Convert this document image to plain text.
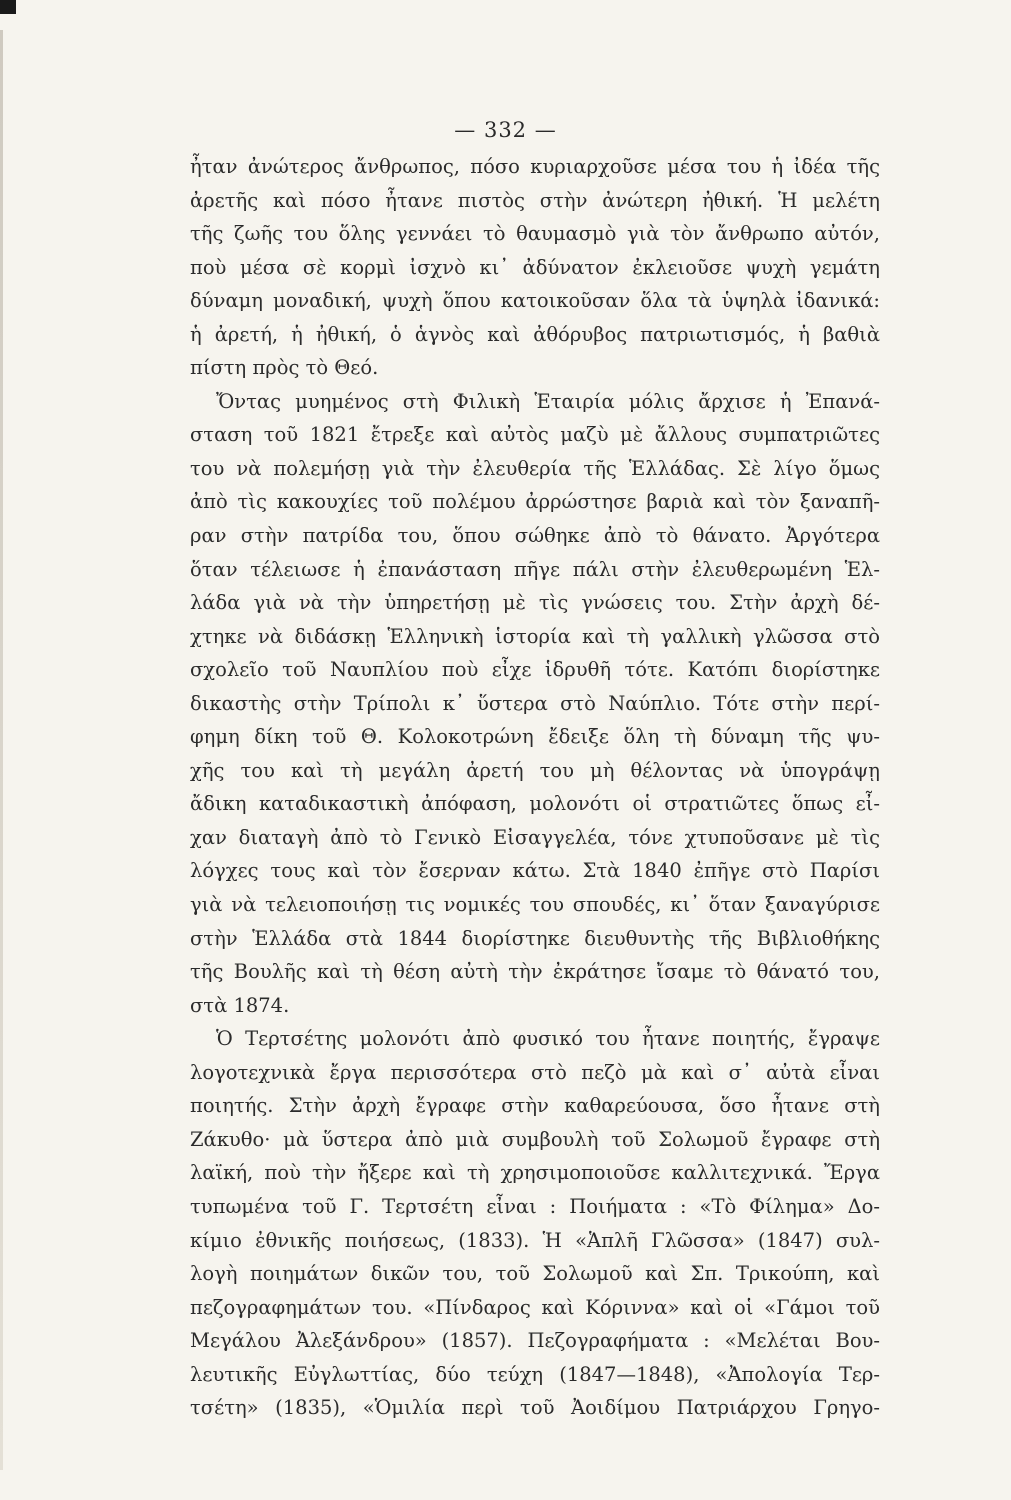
— 332 —
ἦταν ἀνώτερος ἄνθρωπος, πόσο κυριαρχοῦσε μέσα του ἡ ἰδέα τῆς
ἀρετῆς καὶ πόσο ἦτανε πιστὸς στὴν ἀνώτερη ἠθική. Ἡ μελέτη
τῆς ζωῆς του ὅλης γεννάει τὸ θαυμασμὸ γιὰ τὸν ἄνθρωπο αὐτόν,
ποὺ μέσα σὲ κορμὶ ἰσχνὸ κι᾽ ἀδύνατον ἐκλειοῦσε ψυχὴ γεμάτη
δύναμη μοναδική, ψυχὴ ὅπου κατοικοῦσαν ὅλα τὰ ὑψηλὰ ἰδανικά:
ἡ ἀρετή, ἡ ἠθική, ὁ ἁγνὸς καὶ ἀθόρυβος πατριωτισμός, ἡ βαθιὰ
πίστη πρὸς τὸ Θεό.
Ὄντας μυημένος στὴ Φιλικὴ Ἑταιρία μόλις ἄρχισε ἡ Ἐπανά-
σταση τοῦ 1821 ἔτρεξε καὶ αὐτὸς μαζὺ μὲ ἄλλους συμπατριῶτες
του νὰ πολεμήσῃ γιὰ τὴν ἐλευθερία τῆς Ἑλλάδας. Σὲ λίγο ὅμως
ἀπὸ τὶς κακουχίες τοῦ πολέμου ἀρρώστησε βαριὰ καὶ τὸν ξαναπῆ-
ραν στὴν πατρίδα του, ὅπου σώθηκε ἀπὸ τὸ θάνατο. Ἀργότερα
ὅταν τέλειωσε ἡ ἐπανάσταση πῆγε πάλι στὴν ἐλευθερωμένη Ἑλ-
λάδα γιὰ νὰ τὴν ὑπηρετήσῃ μὲ τὶς γνώσεις του. Στὴν ἀρχὴ δέ-
χτηκε νὰ διδάσκῃ Ἑλληνικὴ ἱστορία καὶ τὴ γαλλικὴ γλῶσσα στὸ
σχολεῖο τοῦ Ναυπλίου ποὺ εἶχε ἱδρυθῆ τότε. Κατόπι διορίστηκε
δικαστὴς στὴν Τρίπολι κ᾽ ὕστερα στὸ Ναύπλιο. Τότε στὴν περί-
φημη δίκη τοῦ Θ. Κολοκοτρώνη ἔδειξε ὅλη τὴ δύναμη τῆς ψυ-
χῆς του καὶ τὴ μεγάλη ἀρετή του μὴ θέλοντας νὰ ὑπογράψῃ
ἄδικη καταδικαστικὴ ἀπόφαση, μολονότι οἱ στρατιῶτες ὅπως εἶ-
χαν διαταγὴ ἀπὸ τὸ Γενικὸ Εἰσαγγελέα, τόνε χτυποῦσανε μὲ τὶς
λόγχες τους καὶ τὸν ἔσερναν κάτω. Στὰ 1840 ἐπῆγε στὸ Παρίσι
γιὰ νὰ τελειοποιήσῃ τις νομικές του σπουδές, κι᾽ ὅταν ξαναγύρισε
στὴν Ἑλλάδα στὰ 1844 διορίστηκε διευθυντὴς τῆς Βιβλιοθήκης
τῆς Βουλῆς καὶ τὴ θέση αὐτὴ τὴν ἐκράτησε ἴσαμε τὸ θάνατό του,
στὰ 1874.
Ὁ Τερτσέτης μολονότι ἀπὸ φυσικό του ἦτανε ποιητής, ἔγραψε
λογοτεχνικὰ ἔργα περισσότερα στὸ πεζὸ μὰ καὶ σ᾽ αὐτὰ εἶναι
ποιητής. Στὴν ἀρχὴ ἔγραφε στὴν καθαρεύουσα, ὅσο ἦτανε στὴ
Ζάκυθο· μὰ ὕστερα ἀπὸ μιὰ συμβουλὴ τοῦ Σολωμοῦ ἔγραφε στὴ
λαϊκή, ποὺ τὴν ἤξερε καὶ τὴ χρησιμοποιοῦσε καλλιτεχνικά. Ἔργα
τυπωμένα τοῦ Γ. Τερτσέτη εἶναι : Ποιήματα : «Τὸ Φίλημα» Δο-
κίμιο ἐθνικῆς ποιήσεως, (1833). Ἡ «Ἁπλῆ Γλῶσσα» (1847) συλ-
λογὴ ποιημάτων δικῶν του, τοῦ Σολωμοῦ καὶ Σπ. Τρικούπη, καὶ
πεζογραφημάτων του. «Πίνδαρος καὶ Κόριννα» καὶ οἱ «Γάμοι τοῦ
Μεγάλου Ἀλεξάνδρου» (1857). Πεζογραφήματα : «Μελέται Βου-
λευτικῆς Εὐγλωττίας, δύο τεύχη (1847—1848), «Ἀπολογία Τερ-
τσέτη» (1835), «Ὁμιλία περὶ τοῦ Ἀοιδίμου Πατριάρχου Γρηγο-
